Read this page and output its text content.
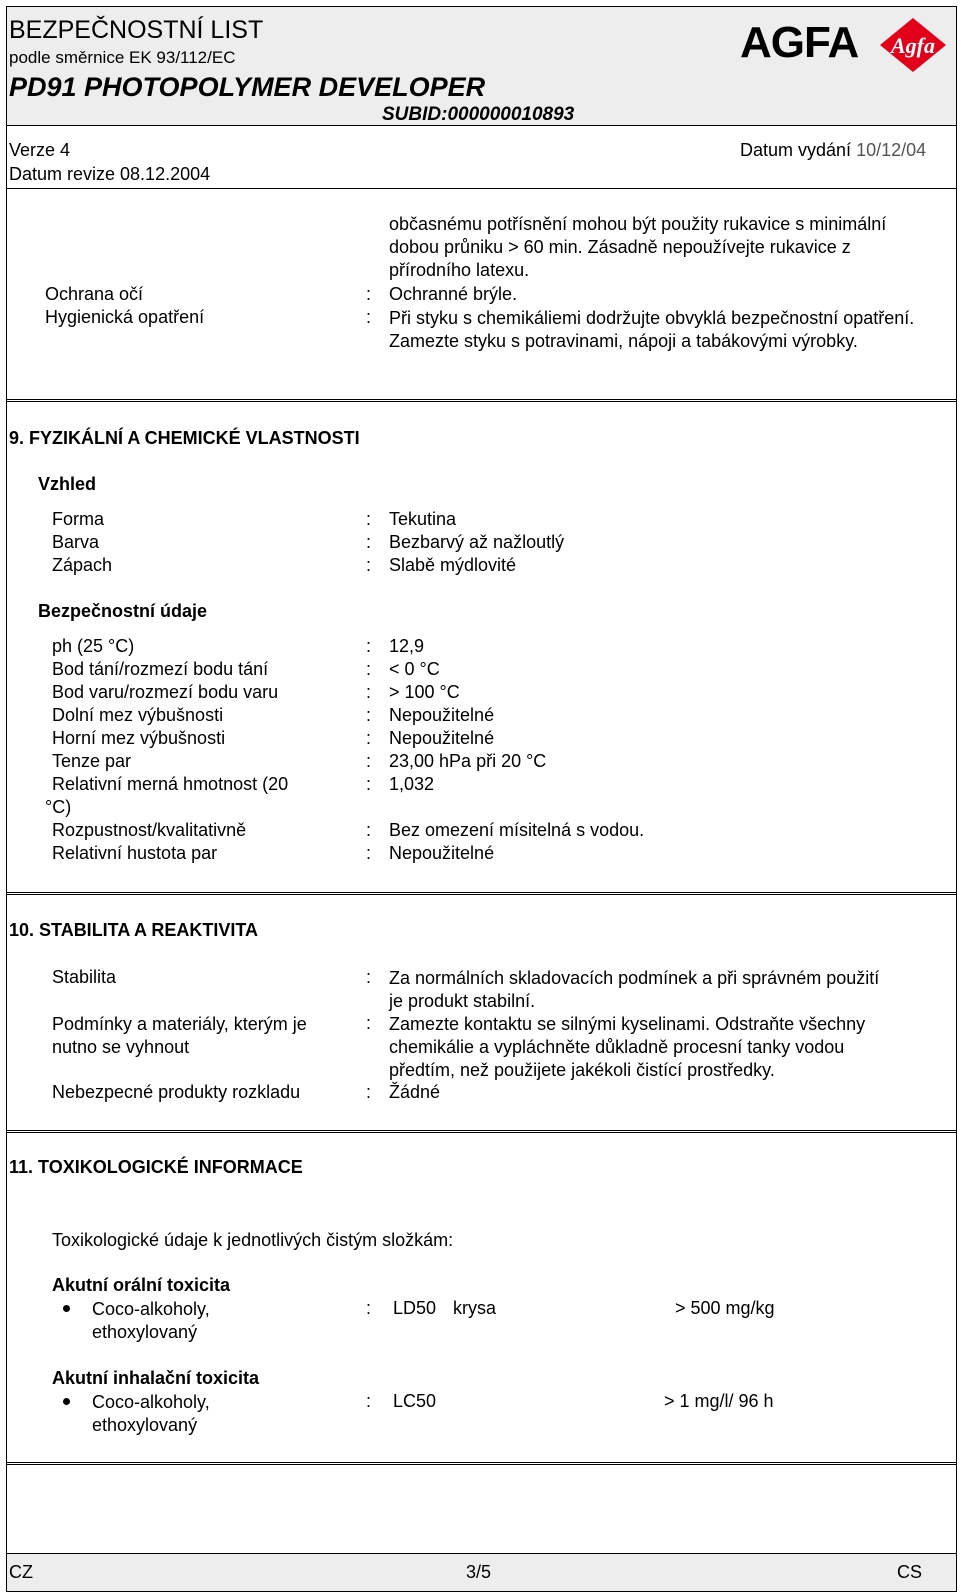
BEZPEČNOSTNÍ LIST
podle směrnice EK 93/112/EC
PD91 PHOTOPOLYMER DEVELOPER
SUBID:000000010893
AGFA Agfa
Verze 4
Datum revize 08.12.2004
Datum vydání 10/12/04
občasnému potřísnění mohou být použity rukavice s minimální dobou průniku > 60 min. Zásadně nepoužívejte rukavice z přírodního latexu.
Ochrana očí	: Ochranné brýle.
Hygienická opatření	: Při styku s chemikáliemi dodržujte obvyklá bezpečnostní opatření. Zamezte styku s potravinami, nápoji a tabákovými výrobky.
9. FYZIKÁLNÍ A CHEMICKÉ VLASTNOSTI
Vzhled
Forma	: Tekutina
Barva	: Bezbarvý až nažloutlý
Zápach	: Slabě mýdlovité
Bezpečnostní údaje
ph (25 °C)	: 12,9
Bod tání/rozmezí bodu tání	: < 0 °C
Bod varu/rozmezí bodu varu	: > 100 °C
Dolní mez výbušnosti	: Nepoužitelné
Horní mez výbušnosti	: Nepoužitelné
Tenze par	: 23,00 hPa při 20 °C
Relativní merná hmotnost (20
°C)
: 1,032
Rozpustnost/kvalitativně	: Bez omezení mísitelná s vodou.
Relativní hustota par	: Nepoužitelné
10. STABILITA A REAKTIVITA
Stabilita	: Za normálních skladovacích podmínek a při správném použití je produkt stabilní.
Podmínky a materiály, kterým je nutno se vyhnout
: Zamezte kontaktu se silnými kyselinami. Odstraňte všechny chemikálie a vypláchněte důkladně procesní tanky vodou předtím, než použijete jakékoli čistící prostředky.
Nebezpecné produkty rozkladu	: Žádné
11. TOXIKOLOGICKÉ INFORMACE
Toxikologické údaje k jednotlivých čistým složkám:
Akutní orální toxicita
Coco-alkoholy, ethoxylovaný
: LD50 krysa	> 500 mg/kg
Akutní inhalační toxicita
Coco-alkoholy, ethoxylovaný
: LC50	> 1 mg/l/ 96 h
CZ	3/5	CS
